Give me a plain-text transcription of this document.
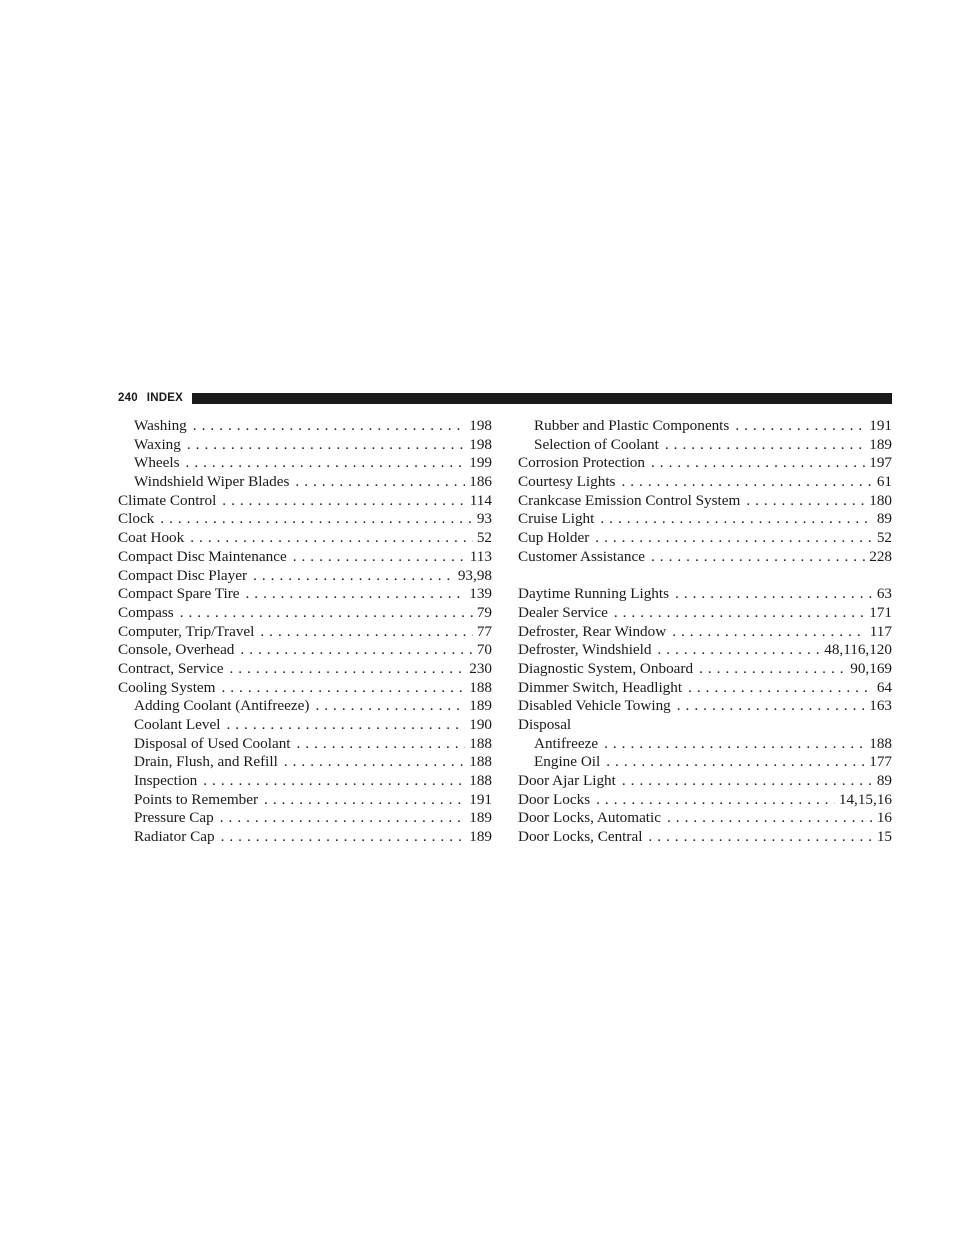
240 INDEX
Washing . . .	198
Waxing . . .	198
Wheels . . .	199
Windshield Wiper Blades . . .	186
Climate Control . . .	114
Clock . . .	93
Coat Hook . . .	52
Compact Disc Maintenance . . .	113
Compact Disc Player . . .	93,98
Compact Spare Tire . . .	139
Compass . . .	79
Computer, Trip/Travel . . .	77
Console, Overhead . . .	70
Contract, Service . . .	230
Cooling System . . .	188
Adding Coolant (Antifreeze) . . .	189
Coolant Level . . .	190
Disposal of Used Coolant . . .	188
Drain, Flush, and Refill . . .	188
Inspection . . .	188
Points to Remember . . .	191
Pressure Cap . . .	189
Radiator Cap . . .	189
Rubber and Plastic Components . . .	191
Selection of Coolant . . .	189
Corrosion Protection . . .	197
Courtesy Lights . . .	61
Crankcase Emission Control System . . .	180
Cruise Light . . .	89
Cup Holder . . .	52
Customer Assistance . . .	228
Daytime Running Lights . . .	63
Dealer Service . . .	171
Defroster, Rear Window . . .	117
Defroster, Windshield . . .	48,116,120
Diagnostic System, Onboard . . .	90,169
Dimmer Switch, Headlight . . .	64
Disabled Vehicle Towing . . .	163
Disposal
Antifreeze . . .	188
Engine Oil . . .	177
Door Ajar Light . . .	89
Door Locks . . .	14,15,16
Door Locks, Automatic . . .	16
Door Locks, Central . . .	15
